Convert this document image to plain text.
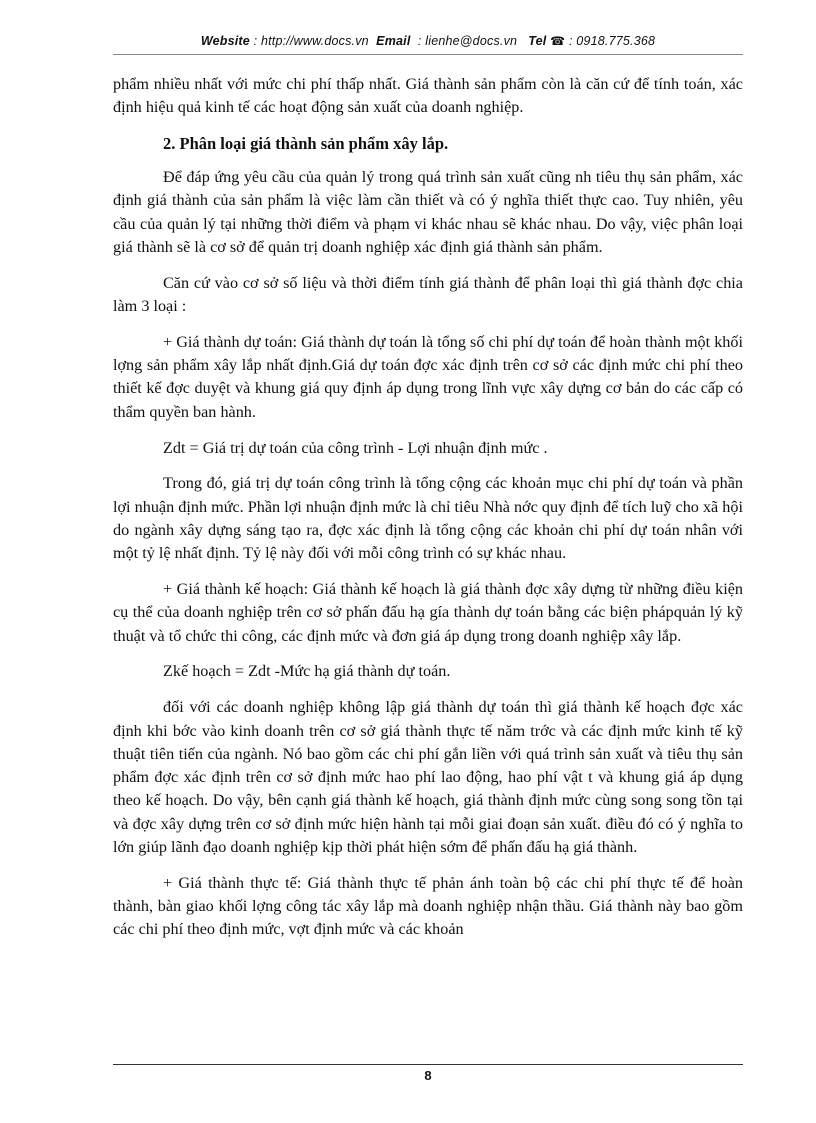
Website : http://www.docs.vn Email : lienhe@docs.vn Tel ☎ : 0918.775.368

phẩm nhiều nhất với mức chi phí thấp nhất. Giá thành sản phẩm còn là căn cứ để tính toán, xác định hiệu quả kinh tế các hoạt động sản xuất của doanh nghiệp.

2. Phân loại giá thành sản phẩm xây lắp.

Để đáp ứng yêu cầu của quản lý trong quá trình sản xuất cũng nh tiêu thụ sản phẩm, xác định giá thành của sản phẩm là việc làm cần thiết và có ý nghĩa thiết thực cao. Tuy nhiên, yêu cầu của quản lý tại những thời điểm và phạm vi khác nhau sẽ khác nhau. Do vậy, việc phân loại giá thành sẽ là cơ sở để quản trị doanh nghiệp xác định giá thành sản phẩm.

Căn cứ vào cơ sở số liệu và thời điểm tính giá thành để phân loại thì giá thành đợc chia làm 3 loại :

+ Giá thành dự toán: Giá thành dự toán là tổng số chi phí dự toán để hoàn thành một khối lợng sản phẩm xây lắp nhất định.Giá dự toán đợc xác định trên cơ sở các định mức chi phí theo thiết kế đợc duyệt và khung giá quy định áp dụng trong lĩnh vực xây dựng cơ bản do các cấp có thẩm quyền ban hành.

Zdt = Giá trị dự toán của công trình - Lợi nhuận định mức .

Trong đó, giá trị dự toán công trình là tổng cộng các khoản mục chi phí dự toán và phần lợi nhuận định mức. Phần lợi nhuận định mức là chỉ tiêu Nhà nớc quy định để tích luỹ cho xã hội do ngành xây dựng sáng tạo ra, đợc xác định là tổng cộng các khoản chi phí dự toán nhân với một tỷ lệ nhất định. Tỷ lệ này đối với mỗi công trình có sự khác nhau.

+ Giá thành kế hoạch: Giá thành kế hoạch là giá thành đợc xây dựng từ những điều kiện cụ thể của doanh nghiệp trên cơ sở phấn đấu hạ gía thành dự toán bằng các biện phápquản lý kỹ thuật và tổ chức thi công, các định mức và đơn giá áp dụng trong doanh nghiệp xây lắp.

Zkế hoạch = Zdt -Mức hạ giá thành dự toán.

đối với các doanh nghiệp không lập giá thành dự toán thì giá thành kế hoạch đợc xác định khi bớc vào kinh doanh trên cơ sở giá thành thực tế năm trớc và các định mức kinh tế kỹ thuật tiên tiến của ngành. Nó bao gồm các chi phí gắn liền với quá trình sản xuất và tiêu thụ sản phẩm đợc xác định trên cơ sở định mức hao phí lao động, hao phí vật t và khung giá áp dụng theo kế hoạch. Do vậy, bên cạnh giá thành kế hoạch, giá thành định mức cùng song song tồn tại và đợc xây dựng trên cơ sở định mức hiện hành tại mỗi giai đoạn sản xuất. điều đó có ý nghĩa to lớn giúp lãnh đạo doanh nghiệp kịp thời phát hiện sớm để phấn đấu hạ giá thành.

+ Giá thành thực tế: Giá thành thực tế phản ánh toàn bộ các chi phí thực tế để hoàn thành, bàn giao khối lợng công tác xây lắp mà doanh nghiệp nhận thầu. Giá thành này bao gồm các chi phí theo định mức, vợt định mức và các khoản

8
